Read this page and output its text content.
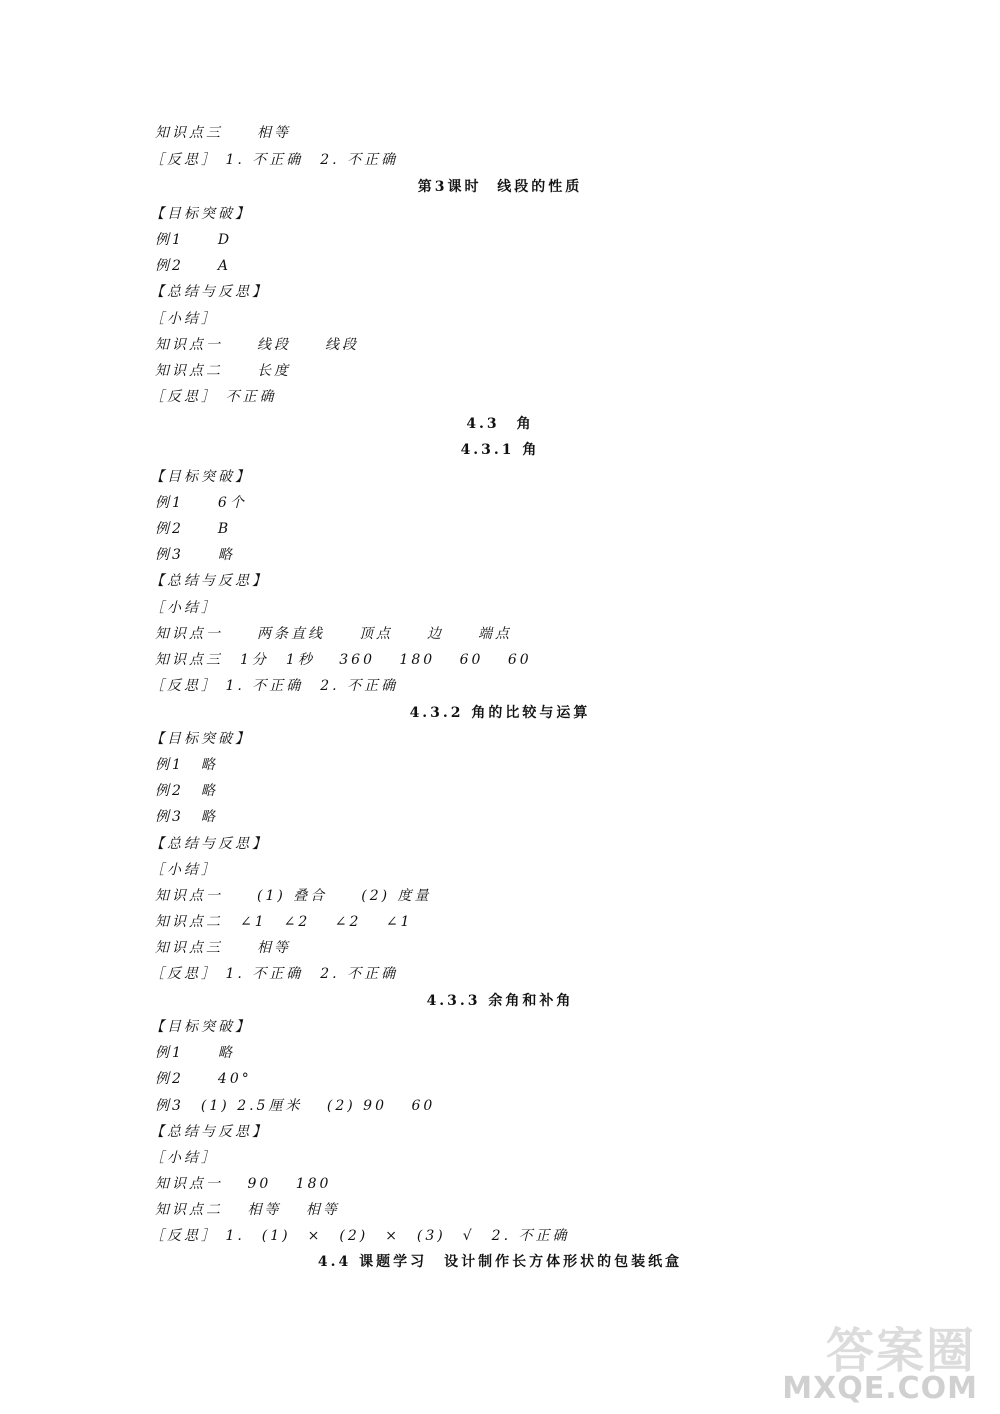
知识点三　　相等
［反思］ 1. 不正确　2. 不正确
第3课时  线段的性质
【目标突破】
例1　　D
例2　　A
【总结与反思】
［小结］
知识点一　　线段　　线段
知识点二　　长度
［反思］ 不正确
4.3　角
4.3.1 角
【目标突破】
例1　　6个
例2　　B
例3　　略
【总结与反思】
［小结］
知识点一　　两条直线　　顶点　　边　　端点
知识点三　1分　1秒　 360　 180　 60　 60
［反思］ 1. 不正确　2. 不正确
4.3.2 角的比较与运算
【目标突破】
例1　略
例2　略
例3　略
【总结与反思】
［小结］
知识点一　　(1) 叠合　　(2) 度量
知识点二　∠1　∠2　 ∠2　 ∠1
知识点三　　相等
［反思］ 1. 不正确　2. 不正确
4.3.3 余角和补角
【目标突破】
例1　　略
例2　　40°
例3　(1) 2.5厘米　 (2) 90　 60
【总结与反思】
［小结］
知识点一　 90　 180
知识点二　 相等　 相等
［反思］ 1.　(1)　×　(2)　×　(3)　√　2. 不正确
4.4 课题学习　设计制作长方体形状的包装纸盒
答案圈
MXQE.COM
